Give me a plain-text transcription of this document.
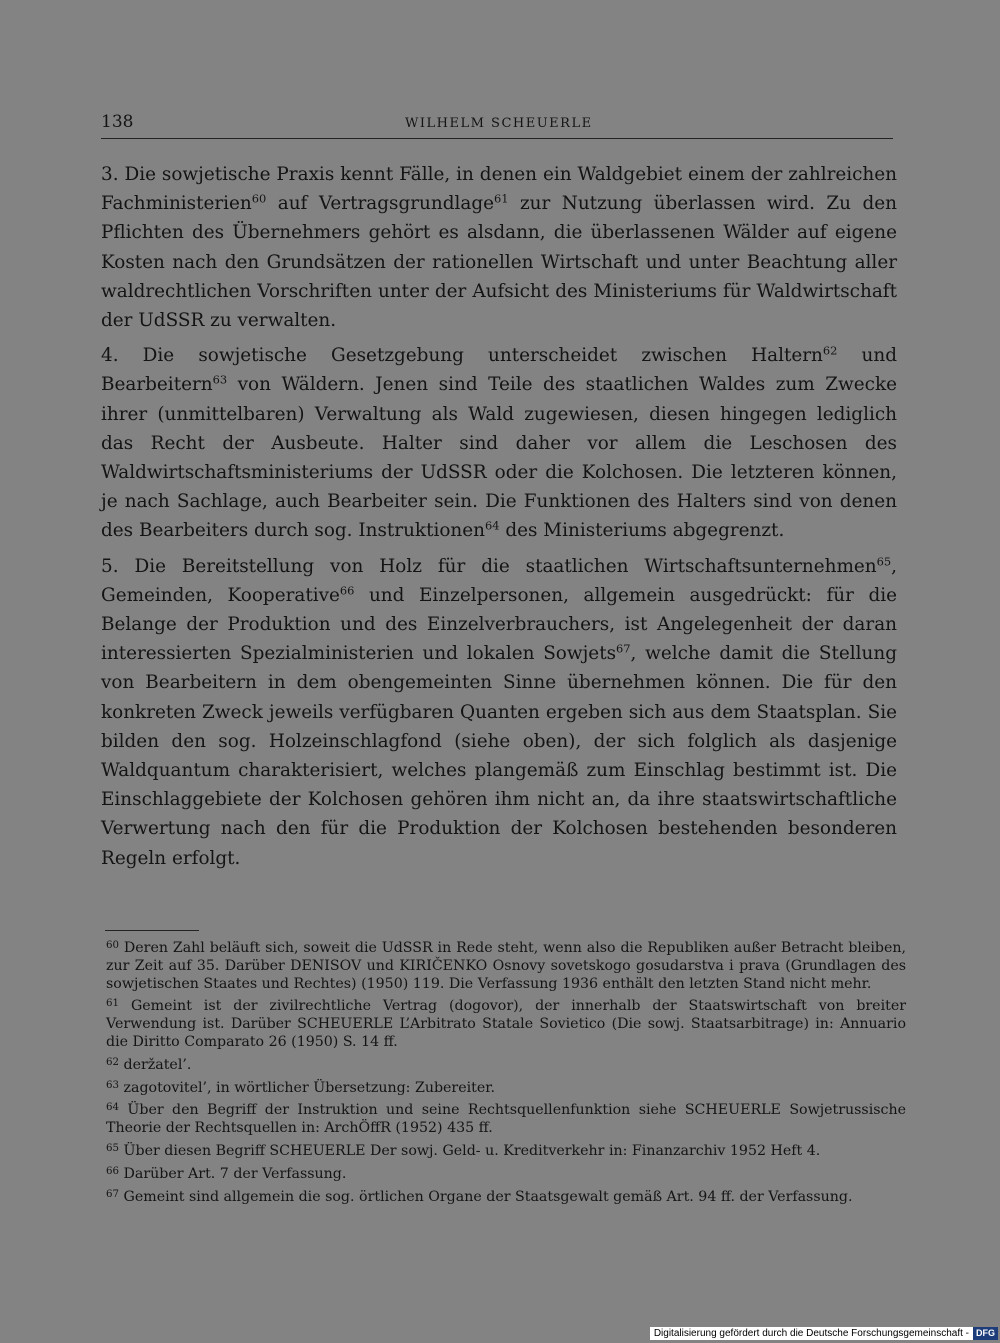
138	WILHELM SCHEUERLE

3. Die sowjetische Praxis kennt Fälle, in denen ein Waldgebiet einem der zahlreichen Fachministerien$^{60}$ auf Vertragsgrundlage$^{61}$ zur Nutzung überlassen wird. Zu den Pflichten des Übernehmers gehört es alsdann, die überlassenen Wälder auf eigene Kosten nach den Grundsätzen der rationellen Wirtschaft und unter Beachtung aller waldrechtlichen Vorschriften unter der Aufsicht des Ministeriums für Waldwirtschaft der UdSSR zu verwalten.

4. Die sowjetische Gesetzgebung unterscheidet zwischen Haltern$^{62}$ und Bearbeitern$^{63}$ von Wäldern. Jenen sind Teile des staatlichen Waldes zum Zwecke ihrer (unmittelbaren) Verwaltung als Wald zugewiesen, diesen hingegen lediglich das Recht der Ausbeute. Halter sind daher vor allem die Leschosen des Waldwirtschaftsministeriums der UdSSR oder die Kolchosen. Die letzteren können, je nach Sachlage, auch Bearbeiter sein. Die Funktionen des Halters sind von denen des Bearbeiters durch sog. Instruktionen$^{64}$ des Ministeriums abgegrenzt.

5. Die Bereitstellung von Holz für die staatlichen Wirtschaftsunternehmen$^{65}$, Gemeinden, Kooperative$^{66}$ und Einzelpersonen, allgemein ausgedrückt: für die Belange der Produktion und des Einzelverbrauchers, ist Angelegenheit der daran interessierten Spezialministerien und lokalen Sowjets$^{67}$, welche damit die Stellung von Bearbeitern in dem obengemeinten Sinne übernehmen können. Die für den konkreten Zweck jeweils verfügbaren Quanten ergeben sich aus dem Staatsplan. Sie bilden den sog. Holzeinschlagfond (siehe oben), der sich folglich als dasjenige Waldquantum charakterisiert, welches plangemäß zum Einschlag bestimmt ist. Die Einschlaggebiete der Kolchosen gehören ihm nicht an, da ihre staatswirtschaftliche Verwertung nach den für die Produktion der Kolchosen bestehenden besonderen Regeln erfolgt.

$^{60}$ Deren Zahl beläuft sich, soweit die UdSSR in Rede steht, wenn also die Republiken außer Betracht bleiben, zur Zeit auf 35. Darüber DENISOV und KIRIČENKO Osnovy sovetskogo gosudarstva i prava (Grundlagen des sowjetischen Staates und Rechtes) (1950) 119. Die Verfassung 1936 enthält den letzten Stand nicht mehr.

$^{61}$ Gemeint ist der zivilrechtliche Vertrag (dogovor), der innerhalb der Staatswirtschaft von breiter Verwendung ist. Darüber SCHEUERLE L’Arbitrato Statale Sovietico (Die sowj. Staatsarbitrage) in: Annuario die Diritto Comparato 26 (1950) S. 14 ff.

$^{62}$ deržatel’.

$^{63}$ zagotovitel’, in wörtlicher Übersetzung: Zubereiter.

$^{64}$ Über den Begriff der Instruktion und seine Rechtsquellenfunktion siehe SCHEUERLE Sowjetrussische Theorie der Rechtsquellen in: ArchÖffR (1952) 435 ff.

$^{65}$ Über diesen Begriff SCHEUERLE Der sowj. Geld- u. Kreditverkehr in: Finanzarchiv 1952 Heft 4.

$^{66}$ Darüber Art. 7 der Verfassung.

$^{67}$ Gemeint sind allgemein die sog. örtlichen Organe der Staatsgewalt gemäß Art. 94 ff. der Verfassung.

Digitalisierung gefördert durch die Deutsche Forschungsgemeinschaft - DFG
